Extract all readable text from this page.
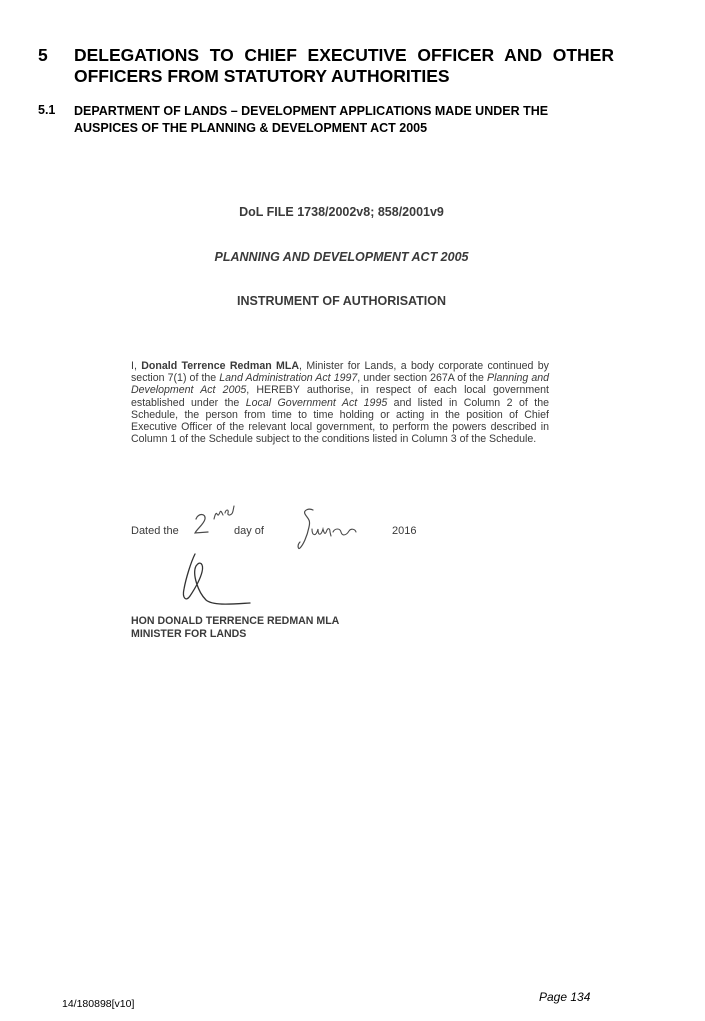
5 DELEGATIONS TO CHIEF EXECUTIVE OFFICER AND OTHER OFFICERS FROM STATUTORY AUTHORITIES
5.1 DEPARTMENT OF LANDS – DEVELOPMENT APPLICATIONS MADE UNDER THE AUSPICES OF THE PLANNING & DEVELOPMENT ACT 2005
DoL FILE 1738/2002v8; 858/2001v9
PLANNING AND DEVELOPMENT ACT 2005
INSTRUMENT OF AUTHORISATION
I, Donald Terrence Redman MLA, Minister for Lands, a body corporate continued by section 7(1) of the Land Administration Act 1997, under section 267A of the Planning and Development Act 2005, HEREBY authorise, in respect of each local government established under the Local Government Act 1995 and listed in Column 2 of the Schedule, the person from time to time holding or acting in the position of Chief Executive Officer of the relevant local government, to perform the powers described in Column 1 of the Schedule subject to the conditions listed in Column 3 of the Schedule.
Dated the	day of	2016
HON DONALD TERRENCE REDMAN MLA
MINISTER FOR LANDS
Page 134
14/180898[v10]
